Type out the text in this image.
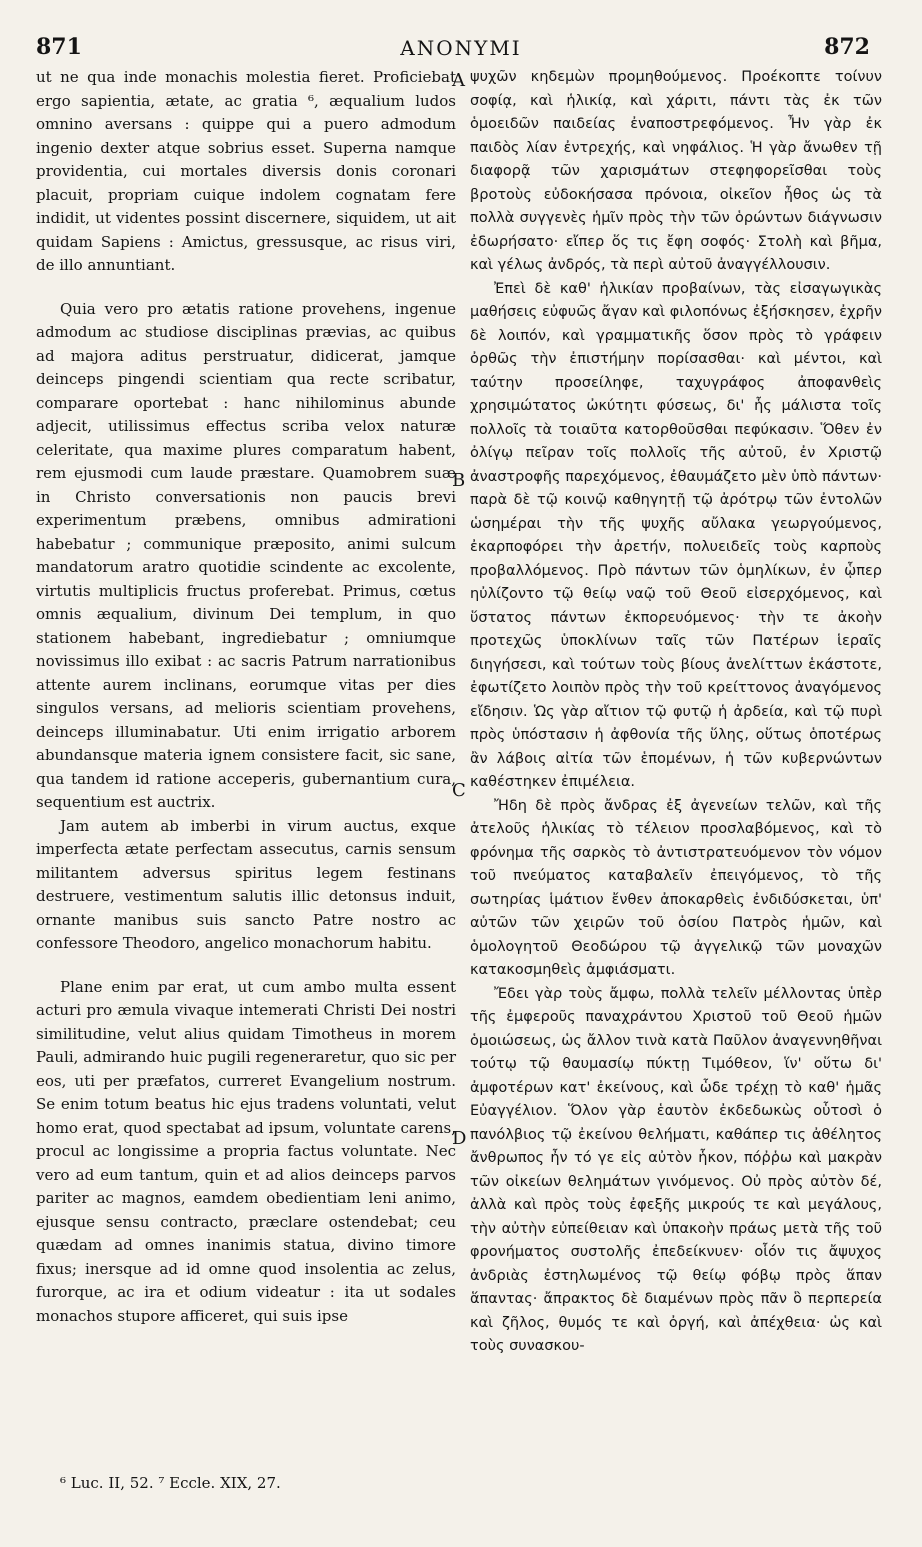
871	ANONYMI	872

ut ne qua inde monachis molestia fieret. Proficiebat ergo sapientia, ætate, ac gratia ⁶, æqualium ludos omnino aversans : quippe qui a puero admodum ingenio dexter atque sobrius esset. Superna namque providentia, cui mortales diversis donis coronari placuit, propriam cuique indolem cognatam fere indidit, ut videntes possint discernere, siquidem, ut ait quidam Sapiens : Amictus, gressusque, ac risus viri, de illo annuntiant.

Quia vero pro ætatis ratione provehens, ingenue admodum ac studiose disciplinas prævias, ac quibus ad majora aditus perstruatur, didicerat, jamque deinceps pingendi scientiam qua recte scribatur, comparare oportebat : hanc nihilominus abunde adjecit, utilissimus effectus scriba velox naturæ celeritate, qua maxime plures comparatum habent, rem ejusmodi cum laude præstare. Quamobrem suæ in Christo conversationis non paucis brevi experimentum præbens, omnibus admirationi habebatur ; communique præposito, animi sulcum mandatorum aratro quotidie scindente ac excolente, virtutis multiplicis fructus proferebat. Primus, cœtus omnis æqualium, divinum Dei templum, in quo stationem habebant, ingrediebatur ; omniumque novissimus illo exibat : ac sacris Patrum narrationibus attente aurem inclinans, eorumque vitas per dies singulos versans, ad melioris scientiam provehens, deinceps illuminabatur. Uti enim irrigatio arborem abundansque materia ignem consistere facit, sic sane, qua tandem id ratione acceperis, gubernantium cura, sequentium est auctrix.

Jam autem ab imberbi in virum auctus, exque imperfecta ætate perfectam assecutus, carnis sensum militantem adversus spiritus legem festinans destruere, vestimentum salutis illic detonsus induit, ornante manibus suis sancto Patre nostro ac confessore Theodoro, angelico monachorum habitu.

Plane enim par erat, ut cum ambo multa essent acturi pro æmula vivaque intemerati Christi Dei nostri similitudine, velut alius quidam Timotheus in morem Pauli, admirando huic pugili regeneraretur, quo sic per eos, uti per præfatos, curreret Evangelium nostrum. Se enim totum beatus hic ejus tradens voluntati, velut homo erat, quod spectabat ad ipsum, voluntate carens, procul ac longissime a propria factus voluntate. Nec vero ad eum tantum, quin et ad alios deinceps parvos pariter ac magnos, eamdem obedientiam leni animo, ejusque sensu contracto, præclare ostendebat; ceu quædam ad omnes inanimis statua, divino timore fixus; inersque ad id omne quod insolentia ac zelus, furorque, ac ira et odium videatur : ita ut sodales monachos stupore afficeret, qui suis ipse

A
B
C
D

ψυχῶν κηδεμὼν προμηθούμενος. Προέκοπτε τοίνυν σοφίᾳ, καὶ ἡλικίᾳ, καὶ χάριτι, πάντι τὰς ἐκ τῶν ὁμοειδῶν παιδείας ἐναποστρεφόμενος. Ἦν γὰρ ἐκ παιδὸς λίαν ἐντρεχής, καὶ νηφάλιος. Ἡ γὰρ ἄνωθεν τῇ διαφορᾷ τῶν χαρισμάτων στεφηφορεῖσθαι τοὺς βροτοὺς εὐδοκήσασα πρόνοια, οἰκεῖον ἦθος ὡς τὰ πολλὰ συγγενὲς ἡμῖν πρὸς τὴν τῶν ὁρώντων διάγνωσιν ἐδωρήσατο· εἴπερ ὅς τις ἔφη σοφός· Στολὴ καὶ βῆμα, καὶ γέλως ἀνδρός, τὰ περὶ αὐτοῦ ἀναγγέλλουσιν.

Ἐπεὶ δὲ καθ' ἡλικίαν προβαίνων, τὰς εἰσαγωγικὰς μαθήσεις εὐφυῶς ἄγαν καὶ φιλοπόνως ἐξήσκησεν, ἐχρῆν δὲ λοιπόν, καὶ γραμματικῆς ὅσον πρὸς τὸ γράφειν ὀρθῶς τὴν ἐπιστήμην πορίσασθαι· καὶ μέντοι, καὶ ταύτην προσείληφε, ταχυγράφος ἀποφανθεὶς χρησιμώτατος ὠκύτητι φύσεως, δι' ἧς μάλιστα τοῖς πολλοῖς τὰ τοιαῦτα κατορθοῦσθαι πεφύκασιν. Ὅθεν ἐν ὀλίγῳ πεῖραν τοῖς πολλοῖς τῆς αὐτοῦ, ἐν Χριστῷ ἀναστροφῆς παρεχόμενος, ἐθαυμάζετο μὲν ὑπὸ πάντων· παρὰ δὲ τῷ κοινῷ καθηγητῇ τῷ ἀρότρῳ τῶν ἐντολῶν ὡσημέραι τὴν τῆς ψυχῆς αὔλακα γεωργούμενος, ἐκαρποφόρει τὴν ἀρετήν, πολυειδεῖς τοὺς καρποὺς προβαλλόμενος. Πρὸ πάντων τῶν ὁμηλίκων, ἐν ᾧπερ ηὐλίζοντο τῷ θείῳ ναῷ τοῦ Θεοῦ εἰσερχόμενος, καὶ ὕστατος πάντων ἐκπορευόμενος· τὴν τε ἀκοὴν προτεχῶς ὑποκλίνων ταῖς τῶν Πατέρων ἱεραῖς διηγήσεσι, καὶ τούτων τοὺς βίους ἀνελίττων ἑκάστοτε, ἐφωτίζετο λοιπὸν πρὸς τὴν τοῦ κρείττονος ἀναγόμενος εἴδησιν. Ὡς γὰρ αἴτιον τῷ φυτῷ ἡ ἀρδεία, καὶ τῷ πυρὶ πρὸς ὑπόστασιν ἡ ἀφθονία τῆς ὕλης, οὕτως ὁποτέρως ἂν λάβοις αἰτία τῶν ἑπομένων, ἡ τῶν κυβερνώντων καθέστηκεν ἐπιμέλεια.

Ἤδη δὲ πρὸς ἄνδρας ἐξ ἀγενείων τελῶν, καὶ τῆς ἀτελοῦς ἡλικίας τὸ τέλειον προσλαβόμενος, καὶ τὸ φρόνημα τῆς σαρκὸς τὸ ἀντιστρατευόμενον τὸν νόμον τοῦ πνεύματος καταβαλεῖν ἐπειγόμενος, τὸ τῆς σωτηρίας ἱμάτιον ἔνθεν ἀποκαρθεὶς ἐνδιδύσκεται, ὑπ' αὐτῶν τῶν χειρῶν τοῦ ὁσίου Πατρὸς ἡμῶν, καὶ ὁμολογητοῦ Θεοδώρου τῷ ἀγγελικῷ τῶν μοναχῶν κατακοσμηθεὶς ἀμφιάσματι.

Ἔδει γὰρ τοὺς ἄμφω, πολλὰ τελεῖν μέλλοντας ὑπὲρ τῆς ἐμφεροῦς παναχράντου Χριστοῦ τοῦ Θεοῦ ἡμῶν ὁμοιώσεως, ὡς ἄλλον τινὰ κατὰ Παῦλον ἀναγεννηθῆναι τούτῳ τῷ θαυμασίῳ πύκτῃ Τιμόθεον, ἵν' οὕτω δι' ἀμφοτέρων κατ' ἐκείνους, καὶ ὧδε τρέχῃ τὸ καθ' ἡμᾶς Εὐαγγέλιον. Ὅλον γὰρ ἑαυτὸν ἐκδεδωκὼς οὗτοσὶ ὁ πανόλβιος τῷ ἐκείνου θελήματι, καθάπερ τις ἀθέλητος ἄνθρωπος ἦν τό γε εἰς αὐτὸν ἧκον, πόῤῥω καὶ μακρὰν τῶν οἰκείων θελημάτων γινόμενος. Οὐ πρὸς αὐτὸν δέ, ἀλλὰ καὶ πρὸς τοὺς ἐφεξῆς μικρούς τε καὶ μεγάλους, τὴν αὐτὴν εὐπείθειαν καὶ ὑπακοὴν πράως μετὰ τῆς τοῦ φρονήματος συστολῆς ἐπεδείκνυεν· οἷόν τις ἄψυχος ἀνδριὰς ἐστηλωμένος τῷ θείῳ φόβῳ πρὸς ἅπαν ἅπαντας· ἄπρακτος δὲ διαμένων πρὸς πᾶν ὃ περπερεία καὶ ζῆλος, θυμός τε καὶ ὀργή, καὶ ἀπέχθεια· ὡς καὶ τοὺς συνασκου-

⁶ Luc. II, 52. ⁷ Eccle. XIX, 27.
